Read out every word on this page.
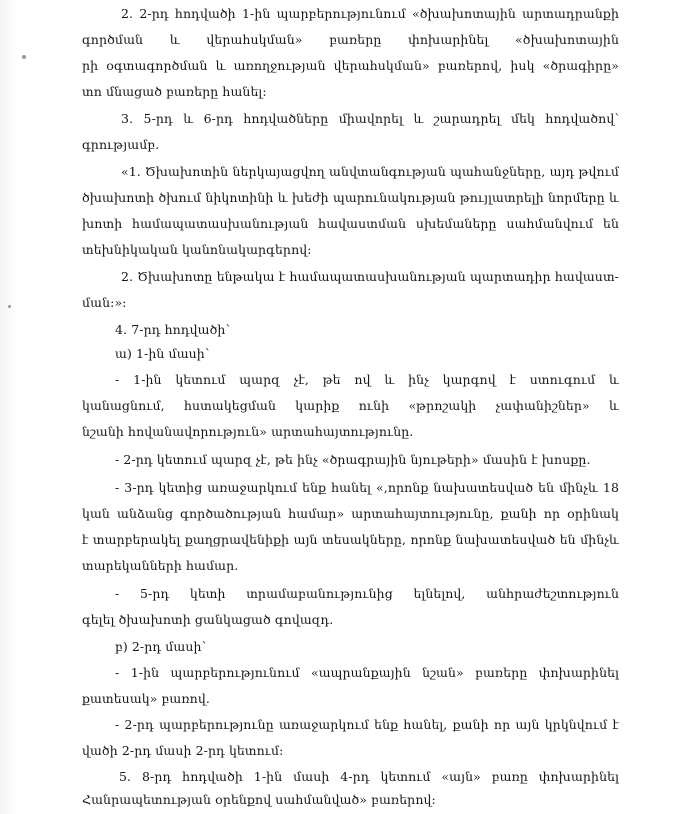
2. 2-րդ հոդվածի 1-ին պարբերությունում «ծխախոտային արտադրանքի
գործման և վերահսկման» բառերը փոխարինել «ծխախոտային
րի օգտագործման և առողջության վերահսկման» բառերով, իսկ «ծրագիրը»
տո մնացած բառերը հանել:
3. 5-րդ և 6-րդ հոդվածները միավորել և շարադրել մեկ հոդվածով՝
գրությամբ.
«1. Ծխախոտին ներկայացվող անվտանգության պահանջները, այդ թվում
ծխախոտի ծխում նիկոտինի և խեժի պարունակության թույլատրելի նորմերը և
խոտի համապատասխանության հավաստման սխեմաները սահմանվում են
տեխնիկական կանոնակարգերով:
2. Ծխախոտը ենթակա է համապատասխանության պարտադիր հավաստ-
ման:»:
4. 7-րդ հոդվածի՝
ա) 1-ին մասի՝
- 1-ին կետում պարզ չէ, թե ով և ինչ կարգով է ստուգում և
կանացնում, հստակեցման կարիք ունի «թրոշակի չափանիշներ» և
նշանի հովանավորություն» արտահայտությունը.
- 2-րդ կետում պարզ չէ, թե ինչ «ծրագրային նյութերի» մասին է խոսքը.
- 3-րդ կետից առաջարկում ենք հանել «,որոնք նախատեսված են մինչև 18
կան անձանց գործածության համար» արտահայտությունը, քանի որ օրինակ
է տարբերակել քաղցրավենիքի այն տեսակները, որոնք նախատեսված են մինչև
տարեկանների համար.
- 5-րդ կետի տրամաբանությունից ելնելով, անհրաժեշտություն
գելել ծխախոտի ցանկացած գովազդ.
բ) 2-րդ մասի՝
- 1-ին պարբերությունում «ապրանքային նշան» բառերը փոխարինել
քատեսակ» բառով.
- 2-րդ պարբերությունը առաջարկում ենք հանել, քանի որ այն կրկնվում է
վածի 2-րդ մասի 2-րդ կետում:
5. 8-րդ հոդվածի 1-ին մասի 4-րդ կետում «այն» բառը փոխարինել
Հանրապետության օրենքով սահմանված» բառերով:
